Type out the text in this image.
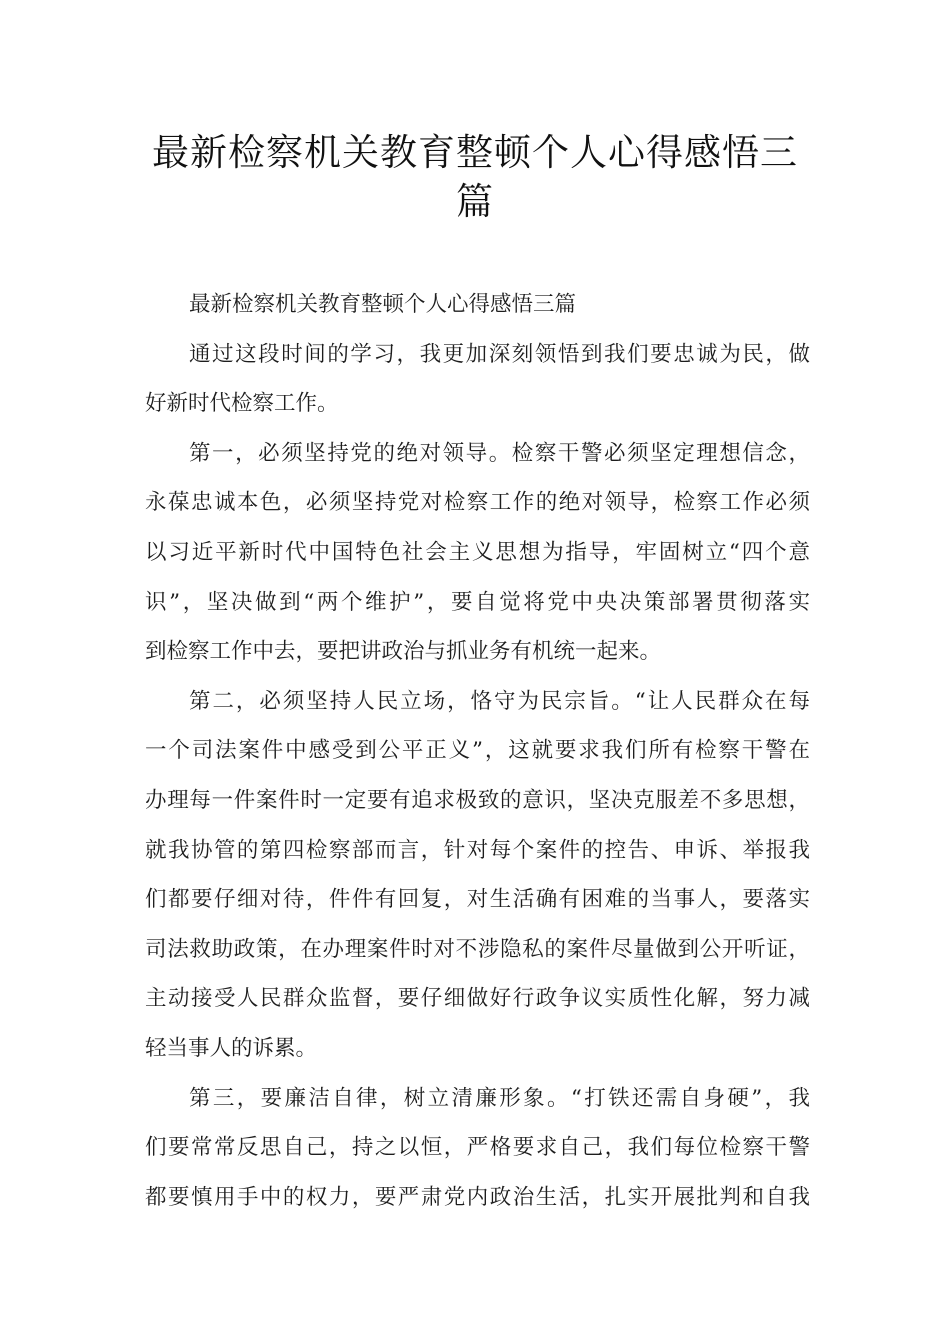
最新检察机关教育整顿个人心得感悟三
篇
最新检察机关教育整顿个人心得感悟三篇
通过这段时间的学习，我更加深刻领悟到我们要忠诚为民，做
好新时代检察工作。
第一，必须坚持党的绝对领导。检察干警必须坚定理想信念，
永葆忠诚本色，必须坚持党对检察工作的绝对领导，检察工作必须
以习近平新时代中国特色社会主义思想为指导，牢固树立“四个意
识”，坚决做到“两个维护”，要自觉将党中央决策部署贯彻落实
到检察工作中去，要把讲政治与抓业务有机统一起来。
第二，必须坚持人民立场，恪守为民宗旨。“让人民群众在每
一个司法案件中感受到公平正义”，这就要求我们所有检察干警在
办理每一件案件时一定要有追求极致的意识，坚决克服差不多思想，
就我协管的第四检察部而言，针对每个案件的控告、申诉、举报我
们都要仔细对待，件件有回复，对生活确有困难的当事人，要落实
司法救助政策，在办理案件时对不涉隐私的案件尽量做到公开听证，
主动接受人民群众监督，要仔细做好行政争议实质性化解，努力减
轻当事人的诉累。
第三，要廉洁自律，树立清廉形象。“打铁还需自身硬”，我
们要常常反思自己，持之以恒，严格要求自己，我们每位检察干警
都要慎用手中的权力，要严肃党内政治生活，扎实开展批判和自我
